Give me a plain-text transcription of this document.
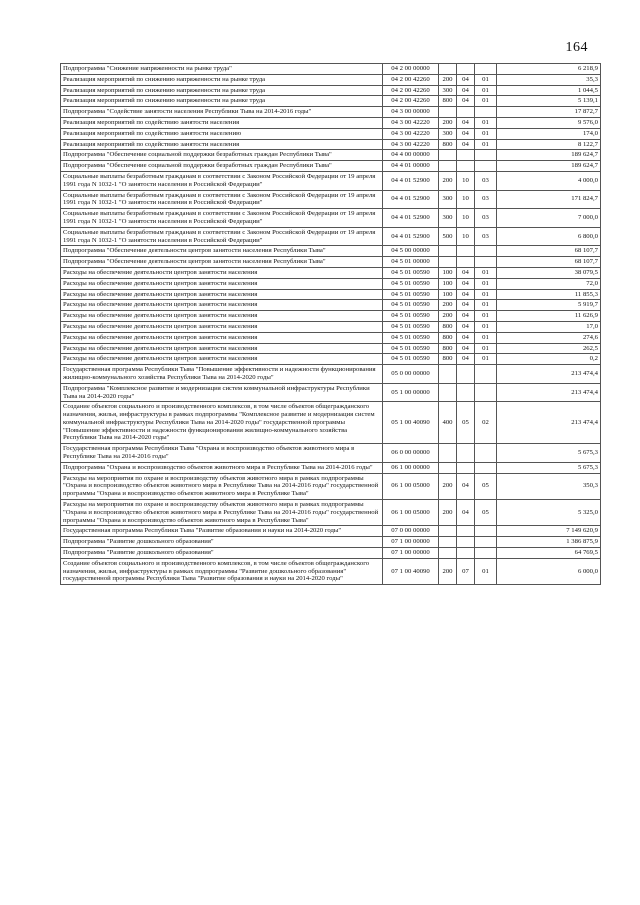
164
Подпрограмма "Снижение напряженности на рынке труда"	04 2 00 00000				6 218,9
Реализация мероприятий по снижению напряженности на рынке труда	04 2 00 42260	200	04	01	35,3
Реализация мероприятий по снижению напряженности на рынке труда	04 2 00 42260	300	04	01	1 044,5
Реализация мероприятий по снижению напряженности на рынке труда	04 2 00 42260	800	04	01	5 139,1
Подпрограмма "Содействие занятости населения Республики Тыва на 2014-2016 годы"	04 3 00 00000				17 872,7
Реализация мероприятий по содействию занятости населения	04 3 00 42220	200	04	01	9 576,0
Реализация мероприятий по содействию занятости населению	04 3 00 42220	300	04	01	174,0
Реализация мероприятий по содействию занятости населения	04 3 00 42220	800	04	01	8 122,7
Подпрограмма "Обеспечение социальной поддержки безработных граждан Республики Тыва"	04 4 00 00000				189 624,7
Подпрограмма "Обеспечение социальной поддержки безработных граждан Республики Тыва"	04 4 01 00000				189 624,7
Социальные выплаты безработным гражданам в соответствии с Законом Российской Федерации от 19 апреля 1991 года N 1032-1 "О занятости населения в Российской Федерации"	04 4 01 52900	200	10	03	4 000,0
Социальные выплаты безработным гражданам в соответствии с Законом Российской Федерации от 19 апреля 1991 года N 1032-1 "О занятости населения в Российской Федерации"	04 4 01 52900	300	10	03	171 824,7
Социальные выплаты безработным гражданам в соответствии с Законом Российской Федерации от 19 апреля 1991 года N 1032-1 "О занятости населения в Российской Федерации"	04 4 01 52900	300	10	03	7 000,0
Социальные выплаты безработным гражданам в соответствии с Законом Российской Федерации от 19 апреля 1991 года N 1032-1 "О занятости населения в Российской Федерации"	04 4 01 52900	500	10	03	6 800,0
Подпрограмма "Обеспечение деятельности центров занятости населения Республики Тыва"	04 5 00 00000				68 107,7
Подпрограмма "Обеспечение деятельности центров занятости населения Республики Тыва"	04 5 01 00000				68 107,7
Расходы на обеспечение деятельности центров занятости населения	04 5 01 00590	100	04	01	38 079,5
Расходы на обеспечение деятельности центров занятости населения	04 5 01 00590	100	04	01	72,0
Расходы на обеспечение деятельности центров занятости населения	04 5 01 00590	100	04	01	11 855,3
Расходы на обеспечение деятельности центров занятости населения	04 5 01 00590	200	04	01	5 919,7
Расходы на обеспечение деятельности центров занятости населения	04 5 01 00590	200	04	01	11 626,9
Расходы на обеспечение деятельности центров занятости населения	04 5 01 00590	800	04	01	17,0
Расходы на обеспечение деятельности центров занятости населения	04 5 01 00590	800	04	01	274,6
Расходы на обеспечение деятельности центров занятости населения	04 5 01 00590	800	04	01	262,5
Расходы на обеспечение деятельности центров занятости населения	04 5 01 00590	800	04	01	0,2
Государственная программа Республики Тыва "Повышение эффективности и надежности функционирования жилищно-коммунального хозяйства Республики Тыва на 2014-2020 годы"	05 0 00 00000				213 474,4
Подпрограмма "Комплексное развитие и модернизация систем коммунальной инфраструктуры Республики Тыва на 2014-2020 годы"	05 1 00 00000				213 474,4
Создание объектов социального и производственного комплексов, в том числе объектов общегражданского назначения, жилья, инфраструктуры в рамках подпрограммы "Комплексное развитие и модернизация систем коммунальной инфраструктуры Республики Тыва на 2014-2020 годы" государственной программы "Повышение эффективности и надежности функционирования жилищно-коммунального хозяйства Республики Тыва на 2014-2020 годы"	05 1 00 40090	400	05	02	213 474,4
Государственная программа Республики Тыва "Охрана и воспроизводство объектов животного мира в Республике Тыва на 2014-2016 годы"	06 0 00 00000				5 675,3
Подпрограмма "Охрана и воспроизводство объектов животного мира в Республике Тыва на 2014-2016 годы"	06 1 00 00000				5 675,3
Расходы на мероприятия по охране и воспроизводству объектов животного мира в рамках подпрограммы "Охрана и воспроизводство объектов животного мира в Республике Тыва на 2014-2016 годы" государственной программы "Охрана и воспроизводство объектов животного мира в Республике Тыва"	06 1 00 05000	200	04	05	350,3
Расходы на мероприятия по охране и воспроизводству объектов животного мира в рамках подпрограммы "Охрана и воспроизводство объектов животного мира в Республике Тыва на 2014-2016 годы" государственной программы "Охрана и воспроизводство объектов животного мира в Республике Тыва"	06 1 00 05000	200	04	05	5 325,0
Государственная программа Республики Тыва "Развитие образования и науки на 2014-2020 годы"	07 0 00 00000				7 149 620,9
Подпрограмма "Развитие дошкольного образования"	07 1 00 00000				1 386 875,9
Подпрограмма "Развитие дошкольного образования"	07 1 00 00000				64 769,5
Создание объектов социального и производственного комплексов, в том числе объектов общегражданского назначения, жилья, инфраструктуры в рамках подпрограммы "Развитие дошкольного образования" государственной программы Республики Тыва "Развитие образования и науки на 2014-2020 годы"	07 1 00 40090	200	07	01	6 000,0
